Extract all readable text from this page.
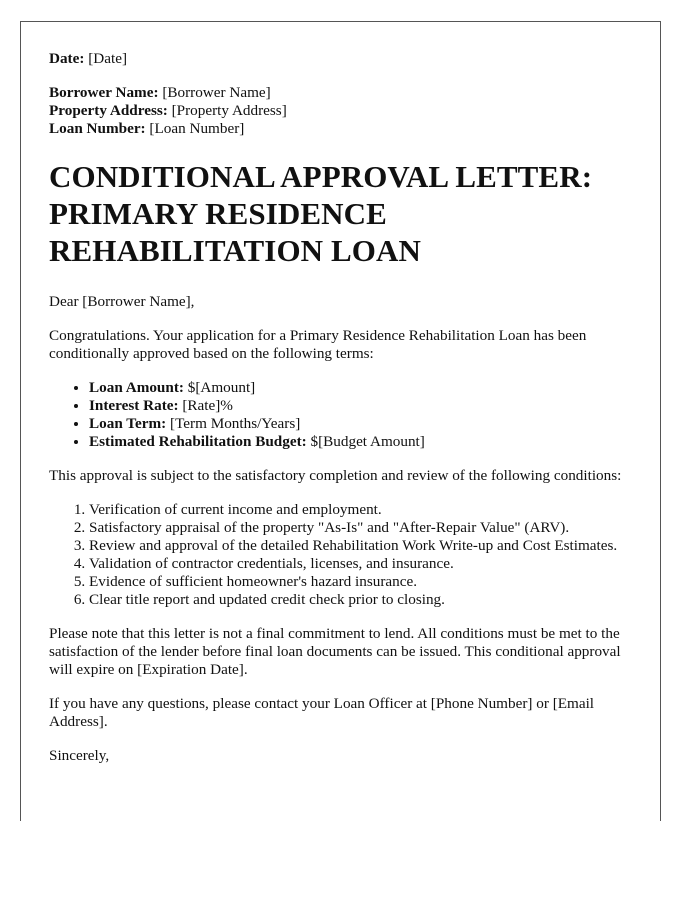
Date: [Date]
Borrower Name: [Borrower Name]
Property Address: [Property Address]
Loan Number: [Loan Number]
CONDITIONAL APPROVAL LETTER: PRIMARY RESIDENCE REHABILITATION LOAN

Dear [Borrower Name],

Congratulations. Your application for a Primary Residence Rehabilitation Loan has been conditionally approved based on the following terms:

• Loan Amount: $[Amount]
• Interest Rate: [Rate]%
• Loan Term: [Term Months/Years]
• Estimated Rehabilitation Budget: $[Budget Amount]

This approval is subject to the satisfactory completion and review of the following conditions:

1. Verification of current income and employment.
2. Satisfactory appraisal of the property "As-Is" and "After-Repair Value" (ARV).
3. Review and approval of the detailed Rehabilitation Work Write-up and Cost Estimates.
4. Validation of contractor credentials, licenses, and insurance.
5. Evidence of sufficient homeowner's hazard insurance.
6. Clear title report and updated credit check prior to closing.

Please note that this letter is not a final commitment to lend. All conditions must be met to the satisfaction of the lender before final loan documents can be issued. This conditional approval will expire on [Expiration Date].

If you have any questions, please contact your Loan Officer at [Phone Number] or [Email Address].

Sincerely,
